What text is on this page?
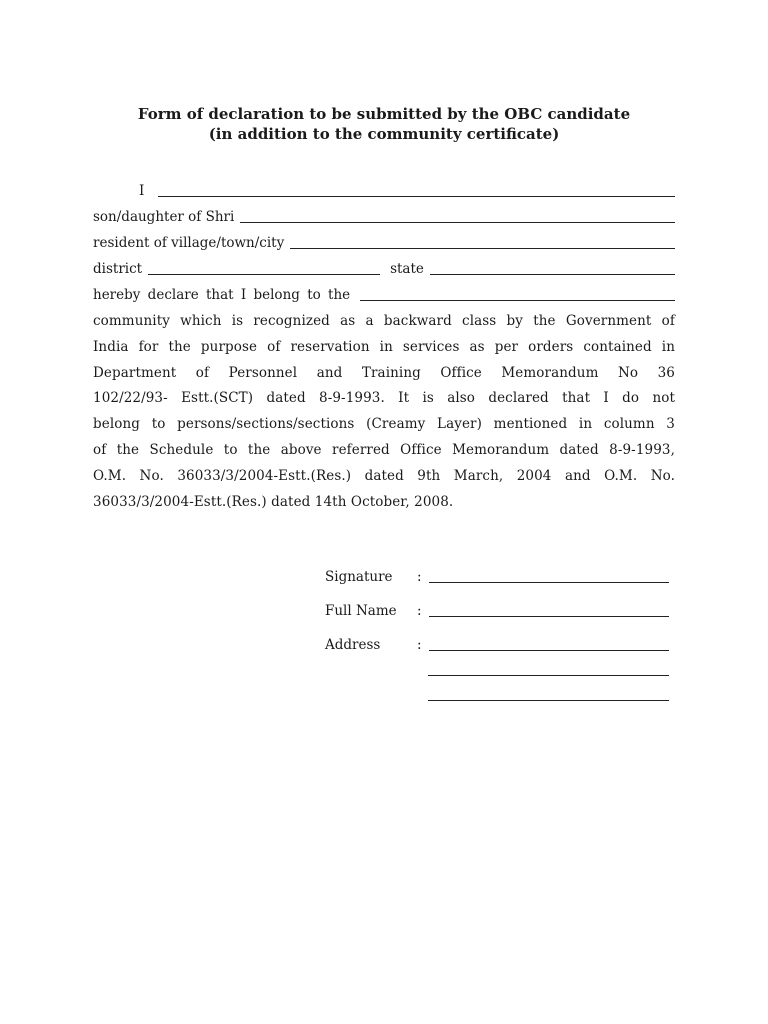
Form of declaration to be submitted by the OBC candidate
(in addition to the community certificate)
I
son/daughter of Shri
resident of village/town/city
district	state
hereby declare that I belong to the
community which is recognized as a backward class by the Government of
India for the purpose of reservation in services as per orders contained in
Department of Personnel and Training Office Memorandum No 36
102/22/93- Estt.(SCT) dated 8-9-1993. It is also declared that I do not
belong to persons/sections/sections (Creamy Layer) mentioned in column 3
of the Schedule to the above referred Office Memorandum dated 8-9-1993,
O.M. No. 36033/3/2004-Estt.(Res.) dated 9th March, 2004 and O.M. No.
36033/3/2004-Estt.(Res.) dated 14th October, 2008.
Signature	:
Full Name	:
Address	:
